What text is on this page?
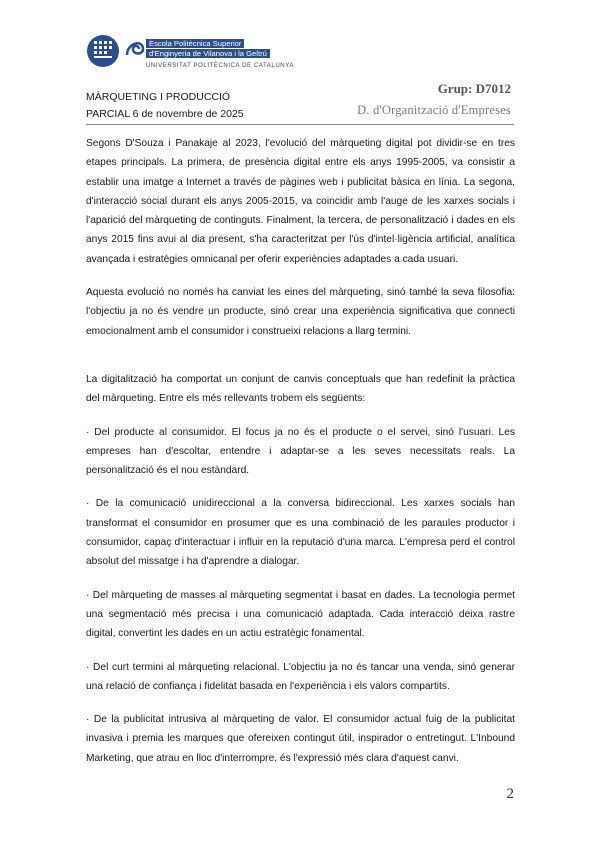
Escola Politècnica Superior
d'Enginyeria de Vilanova i la Geltrú
UNIVERSITAT POLITÈCNICA DE CATALUNYA
MÀRQUETING I PRODUCCIÓ
PARCIAL 6 de novembre de 2025
Grup: D7012
D. d'Organització d'Empreses

Segons D'Souza i Panakaje al 2023, l'evolució del màrqueting digital pot dividir-se en tres etapes principals. La primera, de presència digital entre els anys 1995-2005, va consistir a establir una imatge a Internet a través de pàgines web i publicitat bàsica en línia. La segona, d'interacció social durant els anys 2005-2015, va coincidir amb l'auge de les xarxes socials i l'aparició del màrqueting de continguts. Finalment, la tercera, de personalització i dades en els anys 2015 fins avui al dia present, s'ha caracteritzat per l'ús d'intel·ligència artificial, analítica avançada i estratègies omnicanal per oferir experiències adaptades a cada usuari.

Aquesta evolució no només ha canviat les eines del màrqueting, sinó també la seva filosofia: l'objectiu ja no és vendre un producte, sinó crear una experiència significativa que connecti emocionalment amb el consumidor i construeixi relacions a llarg termini.

La digitalització ha comportat un conjunt de canvis conceptuals que han redefinit la pràctica del màrqueting. Entre els més rellevants trobem els següents:

· Del producte al consumidor. El focus ja no és el producte o el servei, sinó l'usuari. Les empreses han d'escoltar, entendre i adaptar-se a les seves necessitats reals. La personalització és el nou estàndard.

· De la comunicació unidireccional a la conversa bidireccional. Les xarxes socials han transformat el consumidor en prosumer que es una combinació de les paraules productor i consumidor, capaç d'interactuar i influir en la reputació d'una marca. L'empresa perd el control absolut del missatge i ha d'aprendre a dialogar.

· Del màrqueting de masses al màrqueting segmentat i basat en dades. La tecnologia permet una segmentació més precisa i una comunicació adaptada. Cada interacció deixa rastre digital, convertint les dades en un actiu estratègic fonamental.

· Del curt termini al màrqueting relacional. L'objectiu ja no és tancar una venda, sinó generar una relació de confiança i fidelitat basada en l'experiència i els valors compartits.

· De la publicitat intrusiva al màrqueting de valor. El consumidor actual fuig de la publicitat invasiva i premia les marques que ofereixen contingut útil, inspirador o entretingut. L'Inbound Marketing, que atrau en lloc d'interrompre, és l'expressió més clara d'aquest canvi.

2
